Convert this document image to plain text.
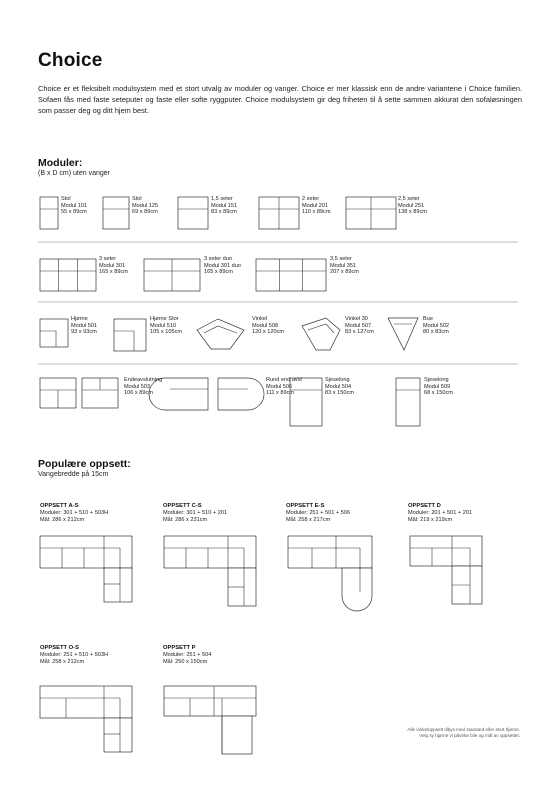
Choice
Choice er et fleksibelt modulsystem med et stort utvalg av moduler og vanger. Choice er mer klassisk enn de andre variantene i Choice familien. Sofaen fås med faste seteputer og faste eller softe ryggputer. Choice modulsystem gir deg friheten til å sette sammen akkurat den sofaløsningen som passer deg og ditt hjem best.
Moduler:
(B x D cm) uten vanger
Stol
Modul 101
55 x 89cm
Stol
Modul 125
69 x 89cm
1,5 seter
Modul 151
83 x 89cm
2 seter
Modul 201
110 x 89cm
2,5 seter
Modul 251
138 x 89cm
3 seter
Modul 301
165 x 89cm
3 seter duo
Modul 301 duo
165 x 89cm
3,5 seter
Modul 351
207 x 89cm
Hjørne
Modul 501
93 x 93cm
Hjørne Stor
Modul 510
105 x 105cm
Vinkel
Modul 508
120 x 120cm
Vinkel 30
Modul 507
83 x 127cm
Bue
Modul 502
80 x 83cm
Endeavslutning
Modul 503
106 x 89cm
Rund end.avsl
Modul 506
111 x 89cm
Sjeselong
Modul 504
83 x 150cm
Sjeselong
Modul 509
68 x 150cm
Populære oppsett:
Vangebredde på 15cm
OPPSETT A-S
Moduler: 301 + 510 + 503H
Mål: 286 x 212cm
OPPSETT C-S
Moduler: 301 + 510 + 201
Mål: 286 x 231cm
OPPSETT E-S
Moduler: 251 + 501 + 506
Mål: 258 x 217cm
OPPSETT D
Moduler: 201 + 501 + 201
Mål: 219 x 219cm
OPPSETT O-S
Moduler: 251 + 510 + 503H
Mål: 258 x 212cm
OPPSETT P
Moduler: 251 + 504
Mål: 250 x 150cm
Alle vinkeloppsett tilbys med standard eller stort hjørne. Velg sy hjørne vi påvirke bile og mål av oppsettet.
